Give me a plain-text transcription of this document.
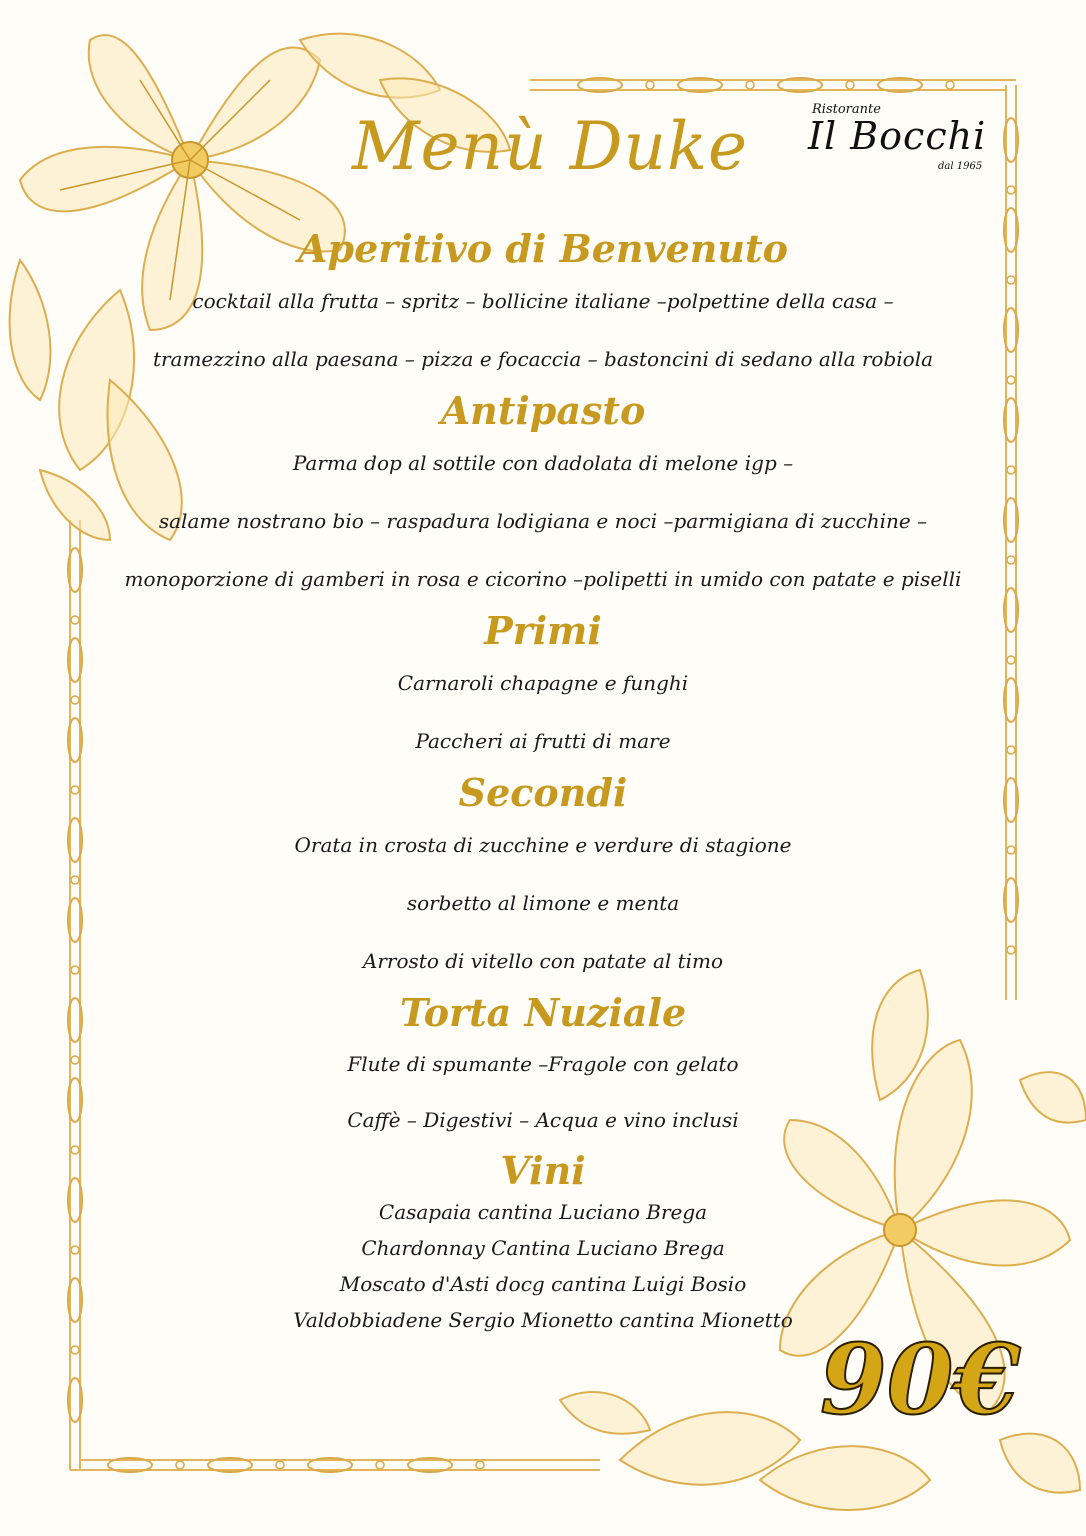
Menù Duke	Ristorante
Il Bocchi
dal 1965
Aperitivo di Benvenuto

cocktail alla frutta – spritz – bollicine italiane –polpettine della casa –

tramezzino alla paesana – pizza e focaccia – bastoncini di sedano alla robiola

Antipasto

Parma dop al sottile con dadolata di melone igp –

salame nostrano bio – raspadura lodigiana e noci –parmigiana di zucchine –

monoporzione di gamberi in rosa e cicorino –polipetti in umido con patate e piselli

Primi

Carnaroli chapagne e funghi

Paccheri ai frutti di mare

Secondi

Orata in crosta di zucchine e verdure di stagione

sorbetto al limone e menta

Arrosto di vitello con patate al timo

Torta Nuziale

Flute di spumante –Fragole con gelato

Caffè – Digestivi – Acqua e vino inclusi

Vini

Casapaia cantina Luciano Brega

Chardonnay Cantina Luciano Brega

Moscato d'Asti docg cantina Luigi Bosio

Valdobbiadene Sergio Mionetto cantina Mionetto

90€
